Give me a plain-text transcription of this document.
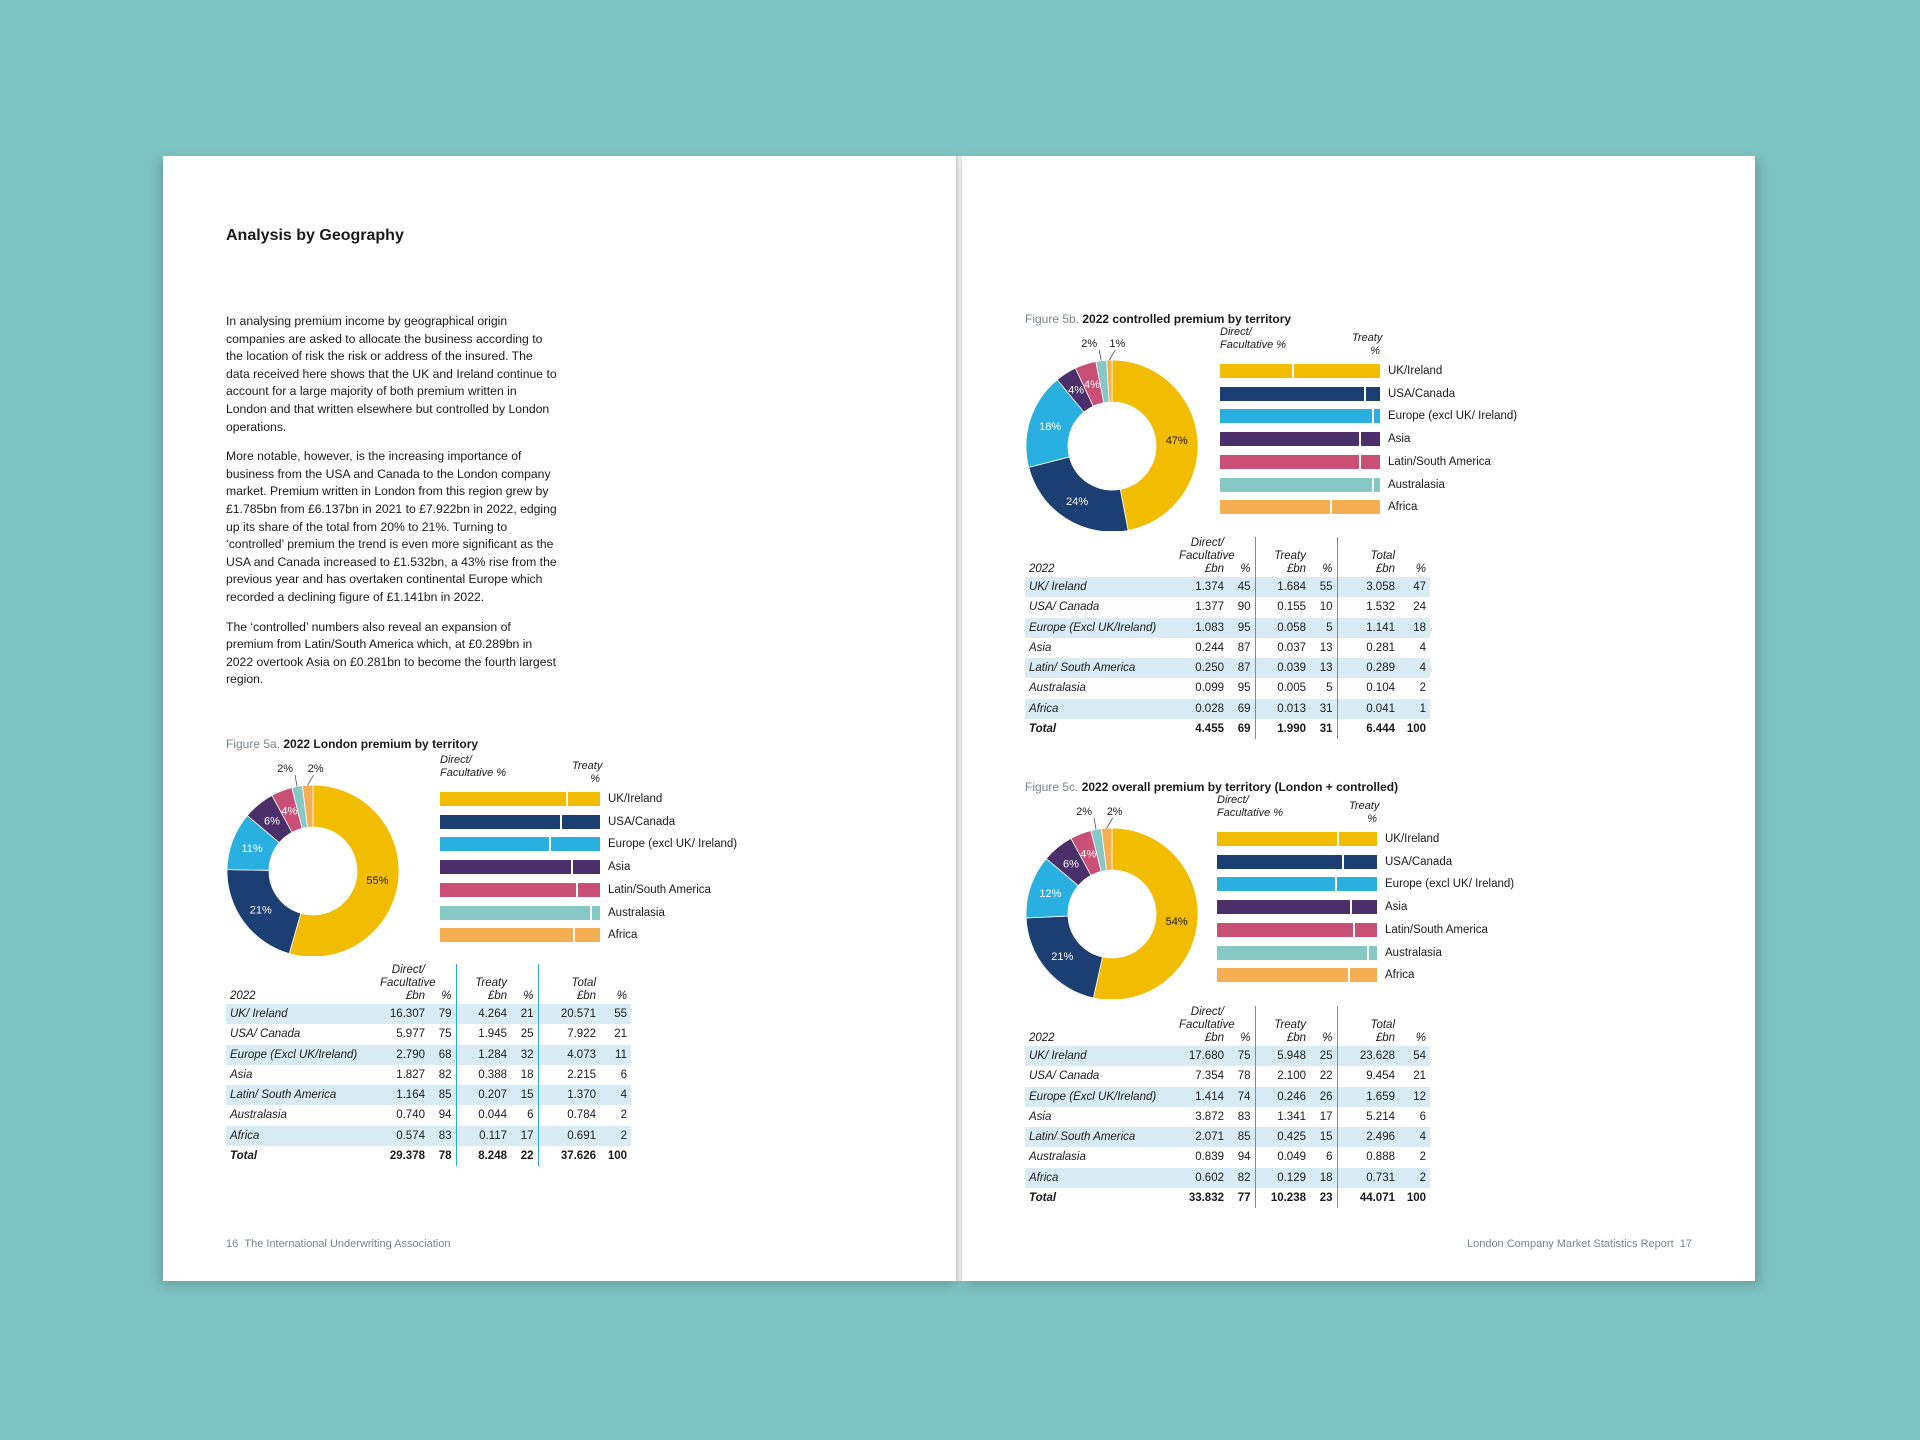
Analysis by Geography

In analysing premium income by geographical origin companies are asked to allocate the business according to the location of risk the risk or address of the insured. The data received here shows that the UK and Ireland continue to account for a large majority of both premium written in London and that written elsewhere but controlled by London operations.

More notable, however, is the increasing importance of business from the USA and Canada to the London company market. Premium written in London from this region grew by £1.785bn from £6.137bn in 2021 to £7.922bn in 2022, edging up its share of the total from 20% to 21%. Turning to ‘controlled’ premium the trend is even more significant as the USA and Canada increased to £1.532bn, a 43% rise from the previous year and has overtaken continental Europe which recorded a declining figure of £1.141bn in 2022.

The ‘controlled’ numbers also reveal an expansion of premium from Latin/South America which, at £0.289bn in 2022 overtook Asia on £0.281bn to become the fourth largest region.

Figure 5a. 2022 London premium by territory
55%
21%
11%
6%
4%
2% 2%
Direct/
Facultative %
Treaty
%
UK/Ireland
USA/Canada
Europe (excl UK/ Ireland)
Asia
Latin/South America
Australasia
Africa
2022	Direct/
Facultative
£bn	%	Treaty
£bn	%	Total
£bn	%
UK/ Ireland	16.307	79	4.264	21	20.571	55
USA/ Canada	5.977	75	1.945	25	7.922	21
Europe (Excl UK/Ireland)	2.790	68	1.284	32	4.073	11
Asia	1.827	82	0.388	18	2.215	6
Latin/ South America	1.164	85	0.207	15	1.370	4
Australasia	0.740	94	0.044	6	0.784	2
Africa	0.574	83	0.117	17	0.691	2
Total	29.378	78	8.248	22	37.626	100
16 The International Underwriting Association
Figure 5b. 2022 controlled premium by territory
47%
24%
18%
4% 4%
2% 1%
Direct/
Facultative %
Treaty
%
UK/Ireland
USA/Canada
Europe (excl UK/ Ireland)
Asia
Latin/South America
Australasia
Africa
2022	Direct/
Facultative
£bn	%	Treaty
£bn	%	Total
£bn	%
UK/ Ireland	1.374	45	1.684	55	3.058	47
USA/ Canada	1.377	90	0.155	10	1.532	24
Europe (Excl UK/Ireland)	1.083	95	0.058	5	1.141	18
Asia	0.244	87	0.037	13	0.281	4
Latin/ South America	0.250	87	0.039	13	0.289	4
Australasia	0.099	95	0.005	5	0.104	2
Africa	0.028	69	0.013	31	0.041	1
Total	4.455	69	1.990	31	6.444	100
Figure 5c. 2022 overall premium by territory (London + controlled)
54%
21%
12%
6%
4%
2% 2%
Direct/
Facultative %
Treaty
%
UK/Ireland
USA/Canada
Europe (excl UK/ Ireland)
Asia
Latin/South America
Australasia
Africa
2022	Direct/
Facultative
£bn	%	Treaty
£bn	%	Total
£bn	%
UK/ Ireland	17.680	75	5.948	25	23.628	54
USA/ Canada	7.354	78	2.100	22	9.454	21
Europe (Excl UK/Ireland)	1.414	74	0.246	26	1.659	12
Asia	3.872	83	1.341	17	5.214	6
Latin/ South America	2.071	85	0.425	15	2.496	4
Australasia	0.839	94	0.049	6	0.888	2
Africa	0.602	82	0.129	18	0.731	2
Total	33.832	77	10.238	23	44.071	100
London Company Market Statistics Report 17
